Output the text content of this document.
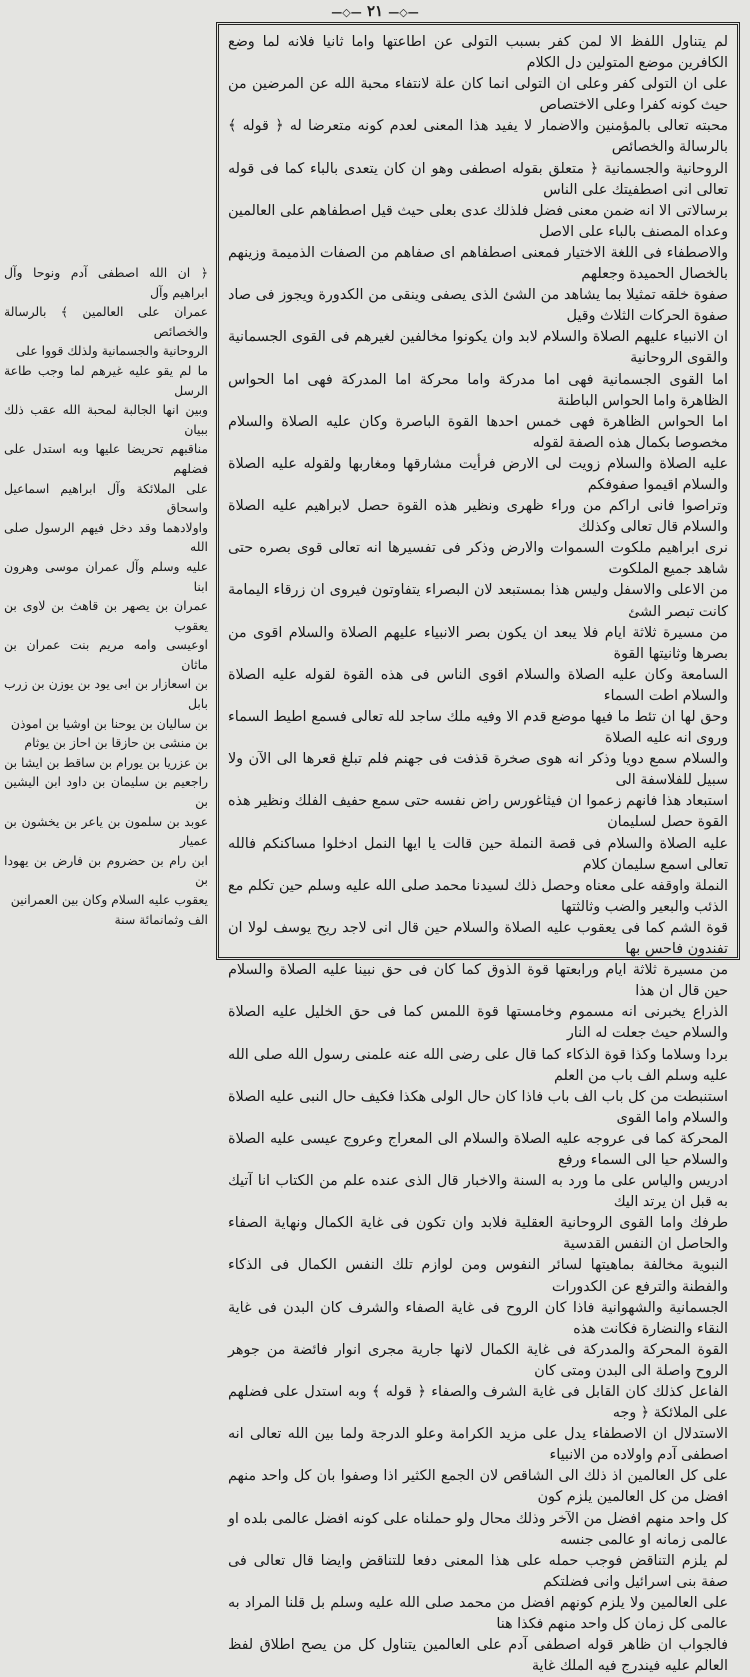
—◇— ٢١ —◇—

لم يتناول اللفظ الا لمن كفر بسبب التولى عن اطاعتها واما ثانيا فلانه لما وضع الكافرين موضع المتولين دل الكلام

على ان التولى كفر وعلى ان التولى انما كان علة لانتفاء محبة الله عن المرضين من حيث كونه كفرا وعلى الاختصاص

محبته تعالى بالمؤمنين والاضمار لا يفيد هذا المعنى لعدم كونه متعرضا له ﴿ قوله ﴾ بالرسالة والخصائص

الروحانية والجسمانية ﴿ متعلق بقوله اصطفى وهو ان كان يتعدى بالباء كما فى قوله تعالى انى اصطفيتك على الناس

برسالاتى الا انه ضمن معنى فضل فلذلك عدى بعلى حيث قيل اصطفاهم على العالمين وعداه المصنف بالباء على الاصل

والاصطفاء فى اللغة الاختيار فمعنى اصطفاهم اى صفاهم من الصفات الذميمة وزينهم بالخصال الحميدة وجعلهم

صفوة خلقه تمثيلا بما يشاهد من الشئ الذى يصفى وينقى من الكدورة ويجوز فى صاد صفوة الحركات الثلاث وقيل

ان الانبياء عليهم الصلاة والسلام لابد وان يكونوا مخالفين لغيرهم فى القوى الجسمانية والقوى الروحانية

اما القوى الجسمانية فهى اما مدركة واما محركة اما المدركة فهى اما الحواس الظاهرة واما الحواس الباطنة

اما الحواس الظاهرة فهى خمس احدها القوة الباصرة وكان عليه الصلاة والسلام مخصوصا بكمال هذه الصفة لقوله

عليه الصلاة والسلام زويت لى الارض فرأيت مشارقها ومغاربها ولقوله عليه الصلاة والسلام اقيموا صفوفكم

وتراصوا فانى اراكم من وراء ظهرى ونظير هذه القوة حصل لابراهيم عليه الصلاة والسلام قال تعالى وكذلك

نرى ابراهيم ملكوت السموات والارض وذكر فى تفسيرها انه تعالى قوى بصره حتى شاهد جميع الملكوت

من الاعلى والاسفل وليس هذا بمستبعد لان البصراء يتفاوتون فيروى ان زرقاء اليمامة كانت تبصر الشئ

من مسيرة ثلاثة ايام فلا يبعد ان يكون بصر الانبياء عليهم الصلاة والسلام اقوى من بصرها وثانيتها القوة

السامعة وكان عليه الصلاة والسلام اقوى الناس فى هذه القوة لقوله عليه الصلاة والسلام اطت السماء

وحق لها ان تئط ما فيها موضع قدم الا وفيه ملك ساجد لله تعالى فسمع اطيط السماء وروى انه عليه الصلاة

والسلام سمع دويا وذكر انه هوى صخرة قذفت فى جهنم فلم تبلغ قعرها الى الآن ولا سبيل للفلاسفة الى

استبعاد هذا فانهم زعموا ان فيثاغورس راض نفسه حتى سمع حفيف الفلك ونظير هذه القوة حصل لسليمان

عليه الصلاة والسلام فى قصة النملة حين قالت يا ايها النمل ادخلوا مساكنكم فالله تعالى اسمع سليمان كلام

النملة واوقفه على معناه وحصل ذلك لسيدنا محمد صلى الله عليه وسلم حين تكلم مع الذئب والبعير والضب وثالثتها

قوة الشم كما فى يعقوب عليه الصلاة والسلام حين قال انى لاجد ريح يوسف لولا ان تفندون فاحس بها

من مسيرة ثلاثة ايام ورابعتها قوة الذوق كما كان فى حق نبينا عليه الصلاة والسلام حين قال ان هذا

الذراع يخبرنى انه مسموم وخامستها قوة اللمس كما فى حق الخليل عليه الصلاة والسلام حيث جعلت له النار

بردا وسلاما وكذا قوة الذكاء كما قال على رضى الله عنه علمنى رسول الله صلى الله عليه وسلم الف باب من العلم

استنبطت من كل باب الف باب فاذا كان حال الولى هكذا فكيف حال النبى عليه الصلاة والسلام واما القوى

المحركة كما فى عروجه عليه الصلاة والسلام الى المعراج وعروج عيسى عليه الصلاة والسلام حيا الى السماء ورفع

ادريس والياس على ما ورد به السنة والاخبار قال الذى عنده علم من الكتاب انا آتيك به قبل ان يرتد اليك

طرفك واما القوى الروحانية العقلية فلابد وان تكون فى غاية الكمال ونهاية الصفاء والحاصل ان النفس القدسية

النبوية مخالفة بماهيتها لسائر النفوس ومن لوازم تلك النفس الكمال فى الذكاء والفطنة والترفع عن الكدورات

الجسمانية والشهوانية فاذا كان الروح فى غاية الصفاء والشرف كان البدن فى غاية النقاء والنضارة فكانت هذه

القوة المحركة والمدركة فى غاية الكمال لانها جارية مجرى انوار فائضة من جوهر الروح واصلة الى البدن ومتى كان

الفاعل كذلك كان القابل فى غاية الشرف والصفاء ﴿ قوله ﴾ وبه استدل على فضلهم على الملائكة ﴿ وجه

الاستدلال ان الاصطفاء يدل على مزيد الكرامة وعلو الدرجة ولما بين الله تعالى انه اصطفى آدم واولاده من الانبياء

على كل العالمين اذ ذلك الى الشاقص لان الجمع الكثير اذا وصفوا بان كل واحد منهم افضل من كل العالمين يلزم كون

كل واحد منهم افضل من الآخر وذلك محال ولو حملناه على كونه افضل عالمى بلده او عالمى زمانه او عالمى جنسه

لم يلزم التناقض فوجب حمله على هذا المعنى دفعا للتناقض وايضا قال تعالى فى صفة بنى اسرائيل وانى فضلتكم

على العالمين ولا يلزم كونهم افضل من محمد صلى الله عليه وسلم بل قلنا المراد به عالمى كل زمان كل واحد منهم فكذا هنا

فالجواب ان ظاهر قوله اصطفى آدم على العالمين يتناول كل من يصح اطلاق لفظ العالم عليه فيندرج فيه الملك غاية

﴿ ان الله اصطفى آدم ونوحا وآل ابراهيم وآل

عمران على العالمين ﴾ بالرسالة والخصائص

الروحانية والجسمانية ولذلك قووا على

ما لم يقو عليه غيرهم لما وجب طاعة الرسل

وبين انها الجالبة لمحبة الله عقب ذلك ببيان

مناقبهم تحريضا عليها وبه استدل على فضلهم

على الملائكة وآل ابراهيم اسماعيل واسحاق

واولادهما وقد دخل فيهم الرسول صلى الله

عليه وسلم وآل عمران موسى وهرون ابنا

عمران بن يصهر بن قاهث بن لاوى بن يعقوب

اوعيسى وامه مريم بنت عمران بن ماثان

بن اسعازار بن ابى يود بن يوزن بن زرب بابل

بن ساليان بن يوحنا بن اوشيا بن اموذن

بن منشى بن حازقا بن احاز بن يوثام

بن عزريا بن يورام بن ساقط بن ايشا بن

راجعيم بن سليمان بن داود ابن اليشين بن

عوبد بن سلمون بن ياعر بن يخشون بن عميار

ابن رام بن حضروم بن فارض بن يهودا بن

يعقوب عليه السلام وكان بين العمرانين

الف وثمانمائة سنة
